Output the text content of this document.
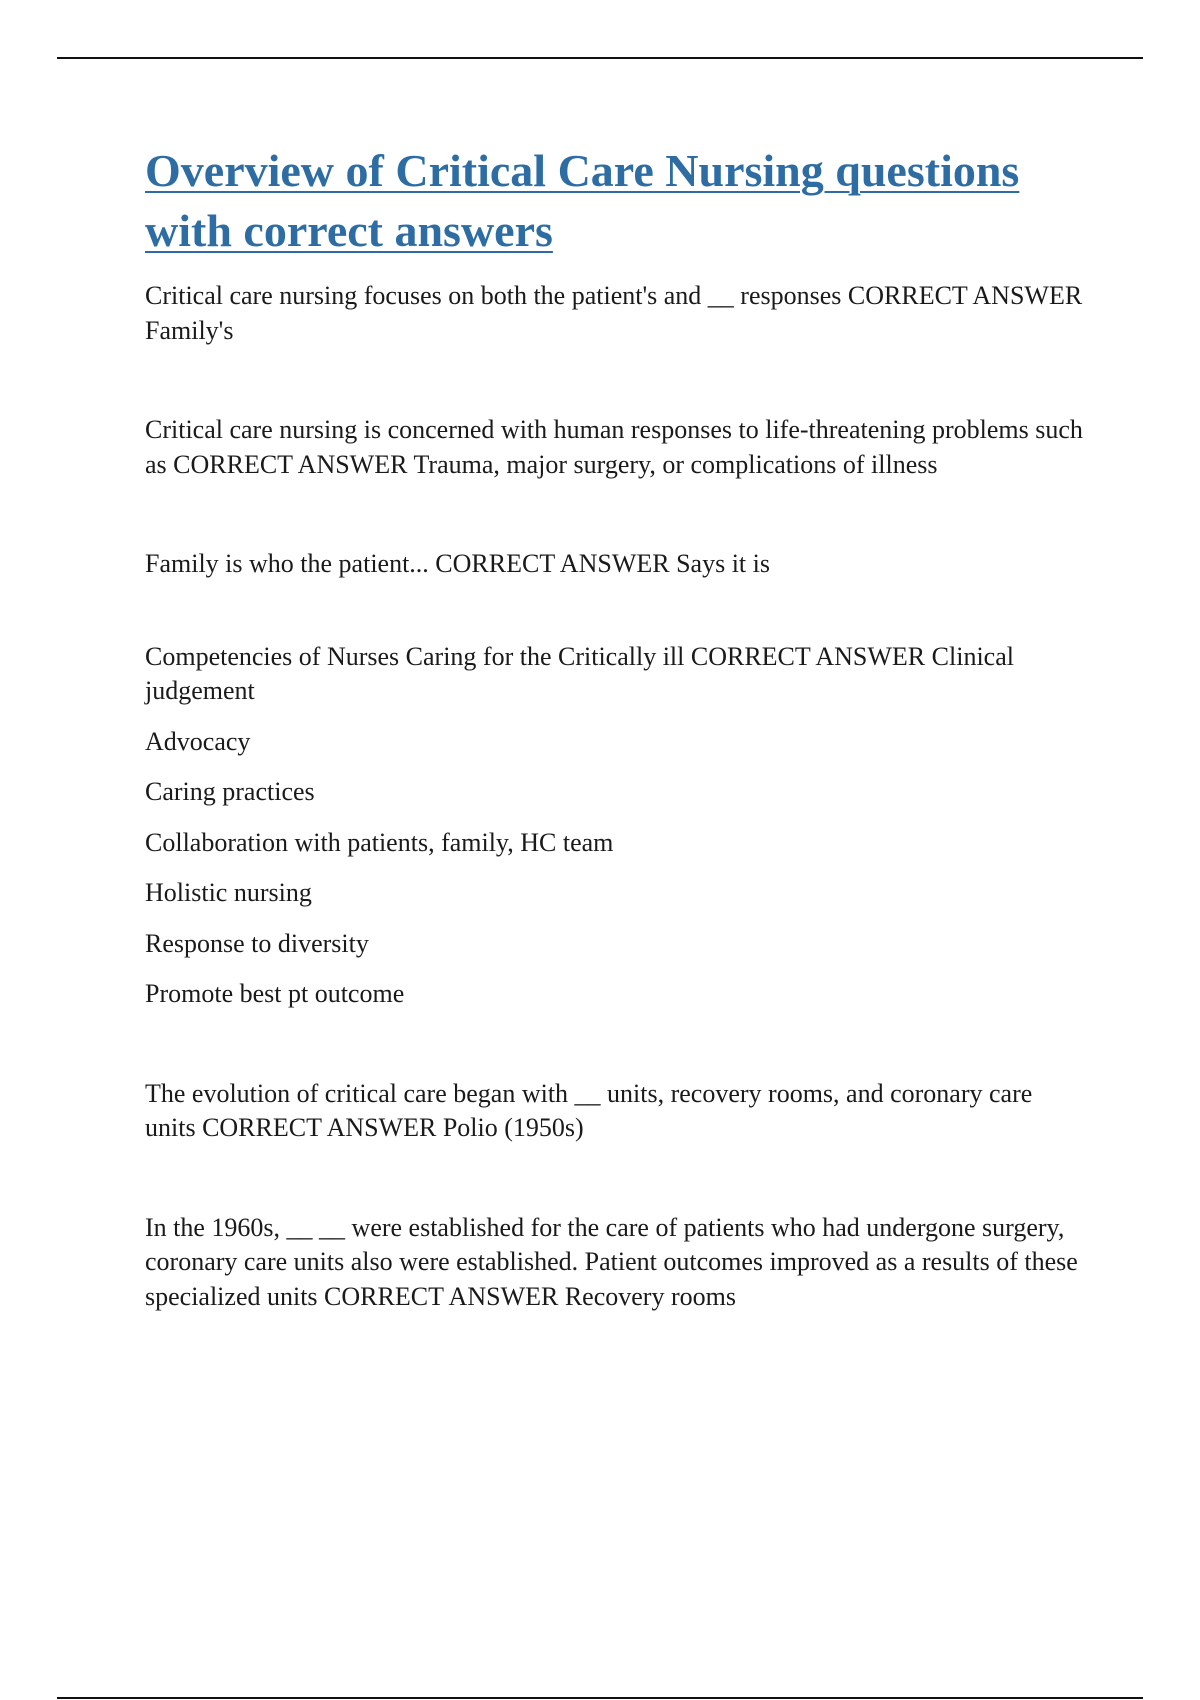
Overview of Critical Care Nursing questions with correct answers

Critical care nursing focuses on both the patient's and __ responses CORRECT ANSWER Family's

Critical care nursing is concerned with human responses to life-threatening problems such as CORRECT ANSWER Trauma, major surgery, or complications of illness

Family is who the patient... CORRECT ANSWER Says it is

Competencies of Nurses Caring for the Critically ill CORRECT ANSWER Clinical judgement

Advocacy
Caring practices
Collaboration with patients, family, HC team
Holistic nursing
Response to diversity
Promote best pt outcome

The evolution of critical care began with __ units, recovery rooms, and coronary care units CORRECT ANSWER Polio (1950s)

In the 1960s, __ __ were established for the care of patients who had undergone surgery, coronary care units also were established. Patient outcomes improved as a results of these specialized units CORRECT ANSWER Recovery rooms
